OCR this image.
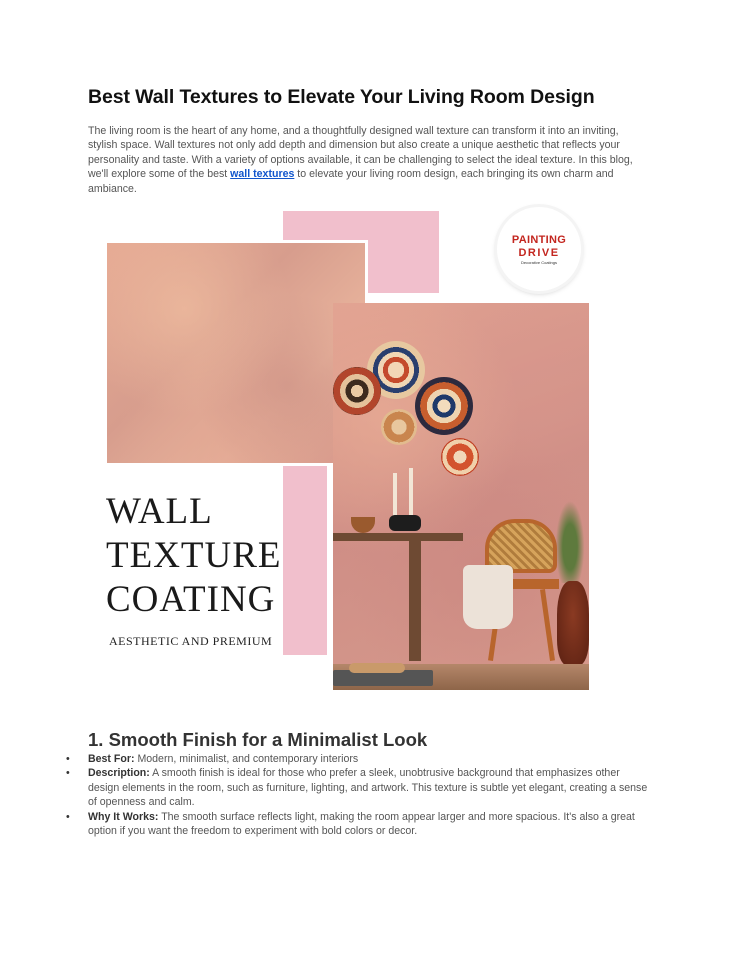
Best Wall Textures to Elevate Your Living Room Design

The living room is the heart of any home, and a thoughtfully designed wall texture can transform it into an inviting, stylish space. Wall textures not only add depth and dimension but also create a unique aesthetic that reflects your personality and taste. With a variety of options available, it can be challenging to select the ideal texture. In this blog, we'll explore some of the best wall textures to elevate your living room design, each bringing its own charm and ambiance.

WALL
TEXTURE
COATING
AESTHETIC AND PREMIUM
PAINTING
DRIVE
Decorative Coatings
1. Smooth Finish for a Minimalist Look
• Best For: Modern, minimalist, and contemporary interiors
• Description: A smooth finish is ideal for those who prefer a sleek, unobtrusive background that emphasizes other design elements in the room, such as furniture, lighting, and artwork. This texture is subtle yet elegant, creating a sense of openness and calm.
• Why It Works: The smooth surface reflects light, making the room appear larger and more spacious. It's also a great option if you want the freedom to experiment with bold colors or decor.
